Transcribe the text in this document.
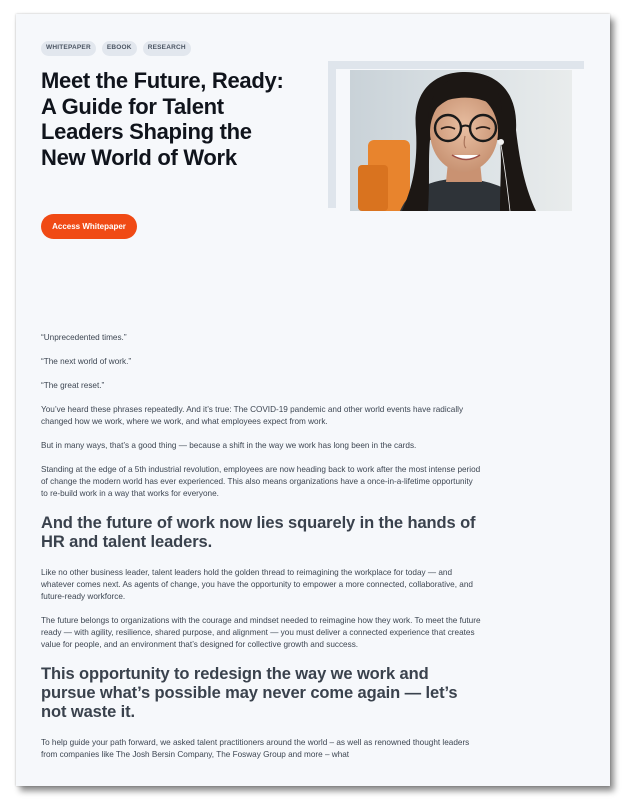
WHITEPAPER	EBOOK	RESEARCH
Meet the Future, Ready: A Guide for Talent Leaders Shaping the New World of Work
Access Whitepaper

“Unprecedented times.”

“The next world of work.”

“The great reset.”

You’ve heard these phrases repeatedly. And it’s true: The COVID-19 pandemic and other world events have radically changed how we work, where we work, and what employees expect from work.

But in many ways, that’s a good thing — because a shift in the way we work has long been in the cards.

Standing at the edge of a 5th industrial revolution, employees are now heading back to work after the most intense period of change the modern world has ever experienced. This also means organizations have a once-in-a-lifetime opportunity to re-build work in a way that works for everyone.

And the future of work now lies squarely in the hands of HR and talent leaders.

Like no other business leader, talent leaders hold the golden thread to reimagining the workplace for today — and whatever comes next. As agents of change, you have the opportunity to empower a more connected, collaborative, and future-ready workforce.

The future belongs to organizations with the courage and mindset needed to reimagine how they work. To meet the future ready — with agility, resilience, shared purpose, and alignment — you must deliver a connected experience that creates value for people, and an environment that’s designed for collective growth and success.

This opportunity to redesign the way we work and pursue what’s possible may never come again — let’s not waste it.

To help guide your path forward, we asked talent practitioners around the world – as well as renowned thought leaders from companies like The Josh Bersin Company, The Fosway Group and more – what
